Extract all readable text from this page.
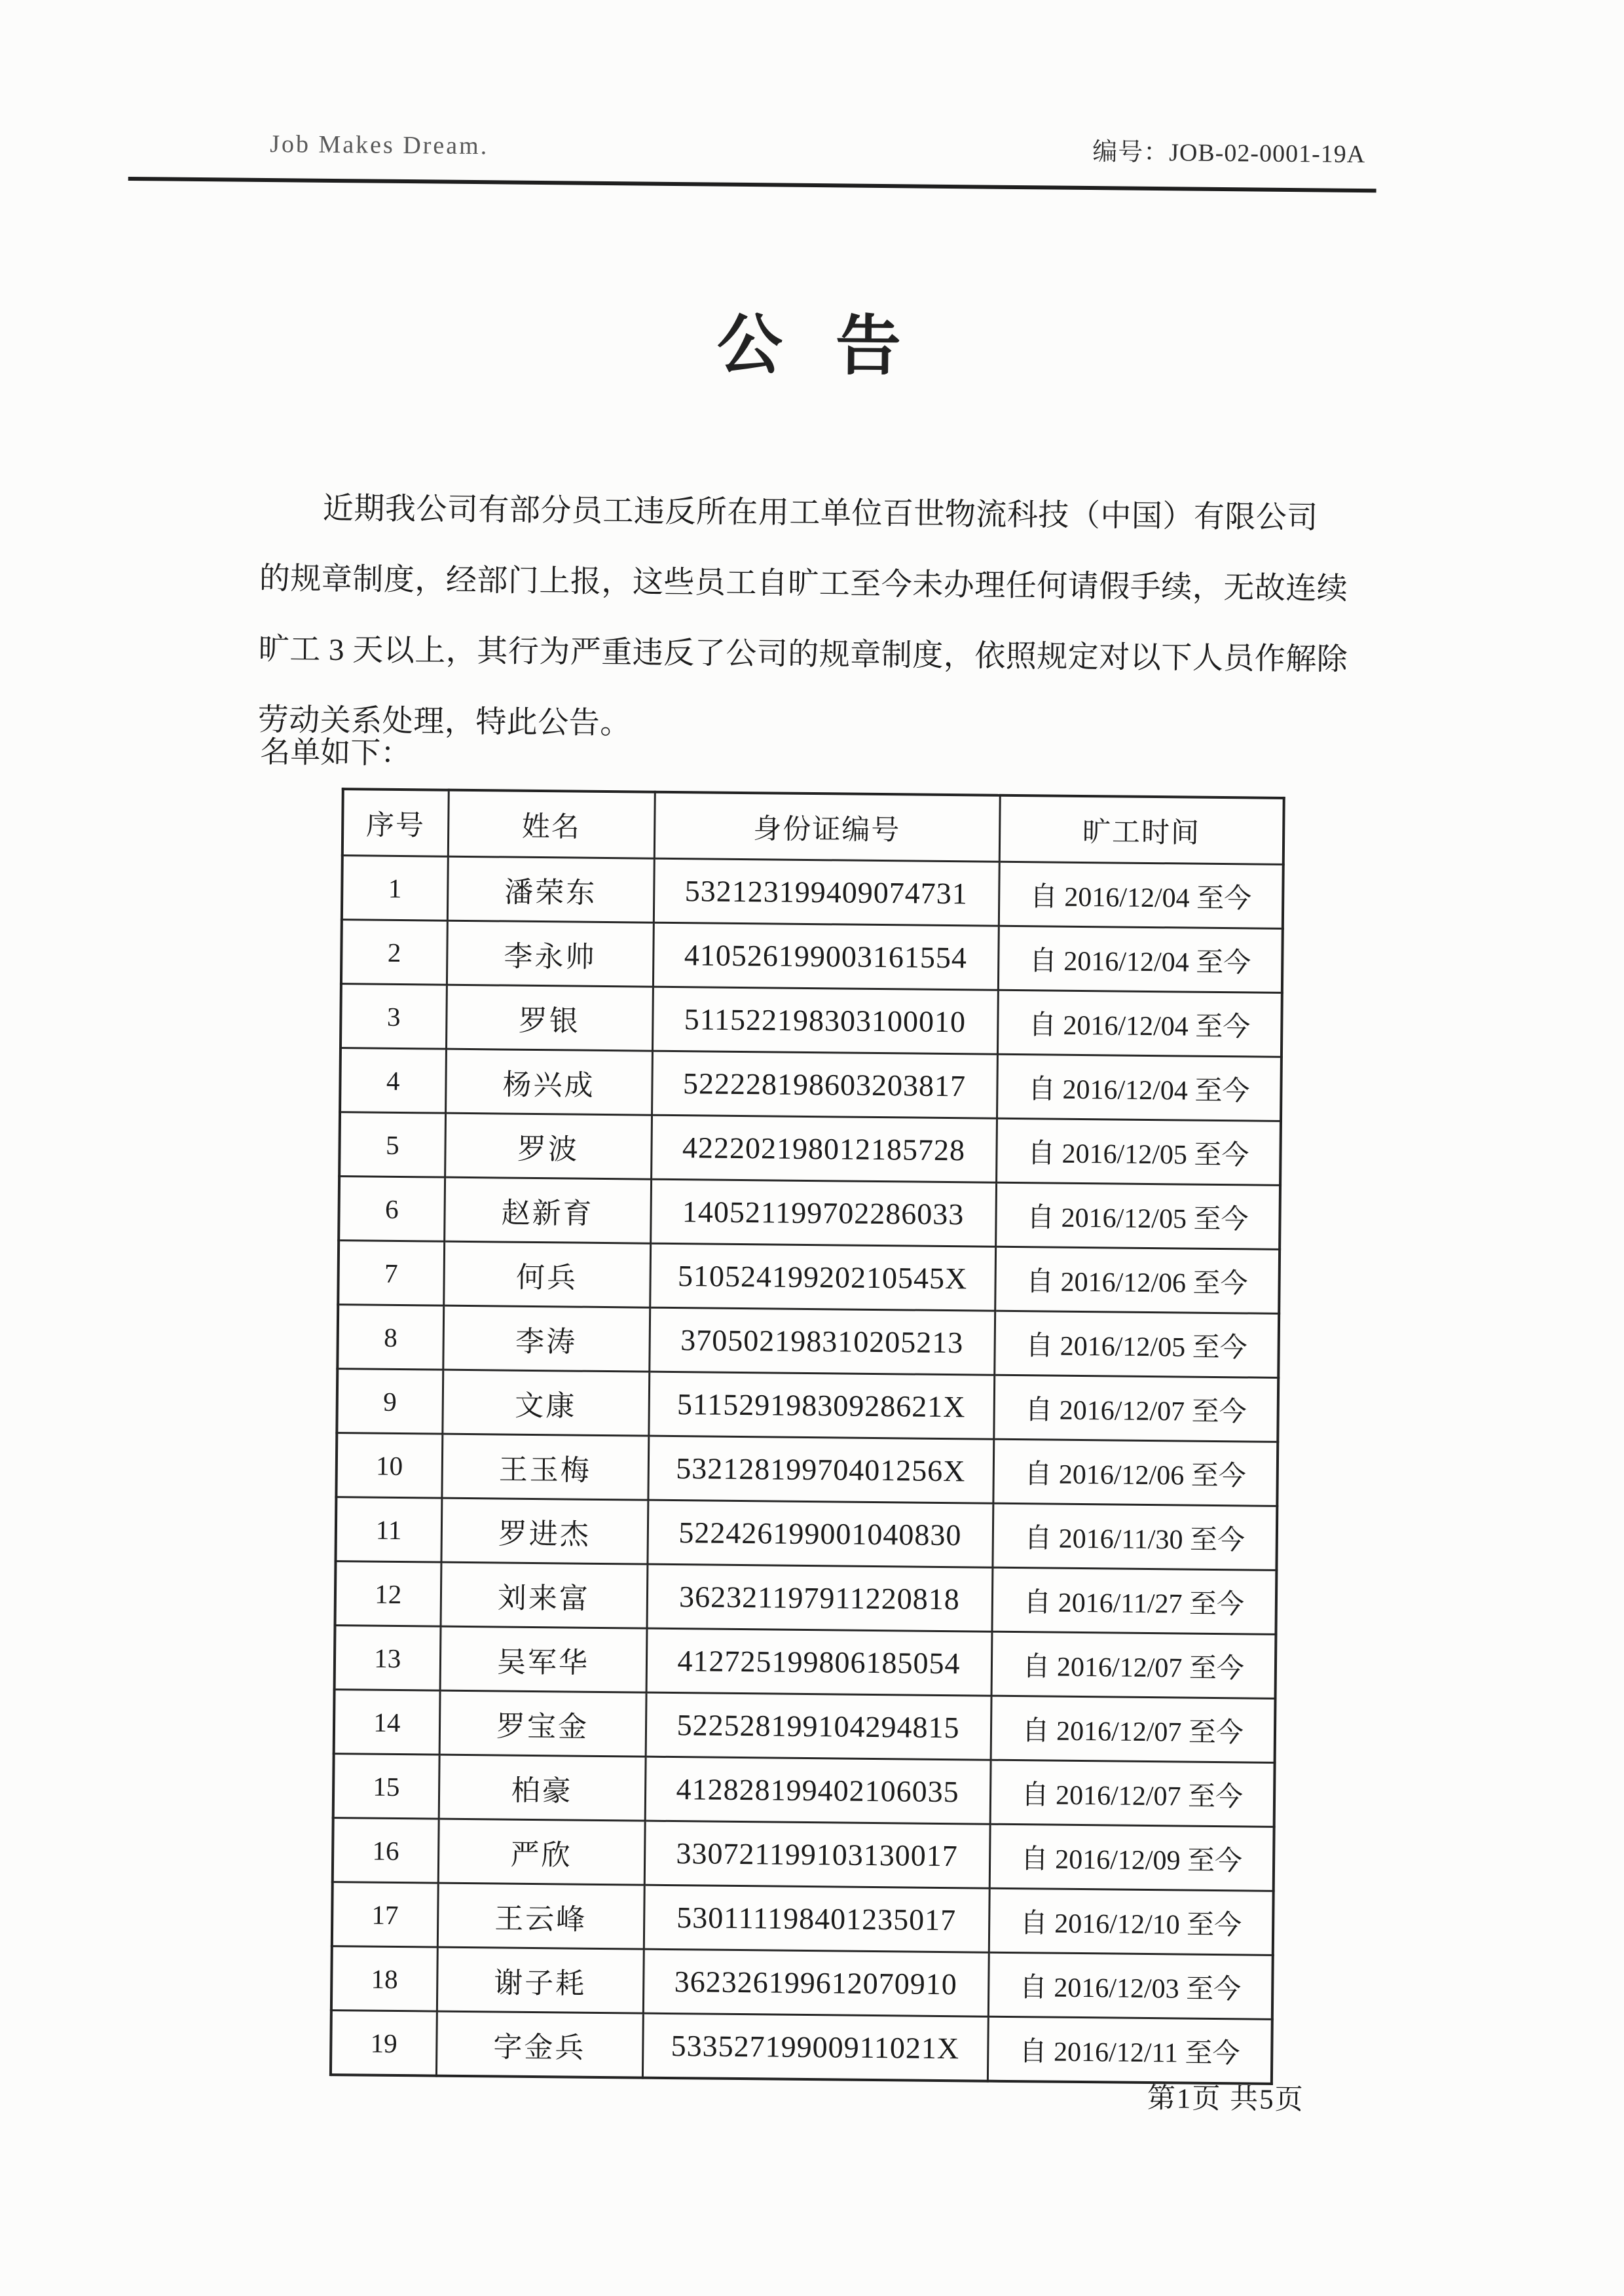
Job Makes Dream.	编号：JOB-02-0001-19A
公 告
近期我公司有部分员工违反所在用工单位百世物流科技（中国）有限公司
的规章制度，经部门上报，这些员工自旷工至今未办理任何请假手续，无故连续
旷工 3 天以上，其行为严重违反了公司的规章制度，依照规定对以下人员作解除
劳动关系处理，特此公告。
名单如下：
序号	姓名	身份证编号	旷工时间
1	潘荣东	532123199409074731	自 2016/12/04 至今
2	李永帅	410526199003161554	自 2016/12/04 至今
3	罗银	511522198303100010	自 2016/12/04 至今
4	杨兴成	522228198603203817	自 2016/12/04 至今
5	罗波	422202198012185728	自 2016/12/05 至今
6	赵新育	140521199702286033	自 2016/12/05 至今
7	何兵	51052419920210545X	自 2016/12/06 至今
8	李涛	370502198310205213	自 2016/12/05 至今
9	文康	51152919830928621X	自 2016/12/07 至今
10	王玉梅	53212819970401256X	自 2016/12/06 至今
11	罗进杰	522426199001040830	自 2016/11/30 至今
12	刘来富	362321197911220818	自 2016/11/27 至今
13	吴军华	412725199806185054	自 2016/12/07 至今
14	罗宝金	522528199104294815	自 2016/12/07 至今
15	柏豪	412828199402106035	自 2016/12/07 至今
16	严欣	330721199103130017	自 2016/12/09 至今
17	王云峰	530111198401235017	自 2016/12/10 至今
18	谢子耗	362326199612070910	自 2016/12/03 至今
19	字金兵	53352719900911021X	自 2016/12/11 至今
第1页 共5页
